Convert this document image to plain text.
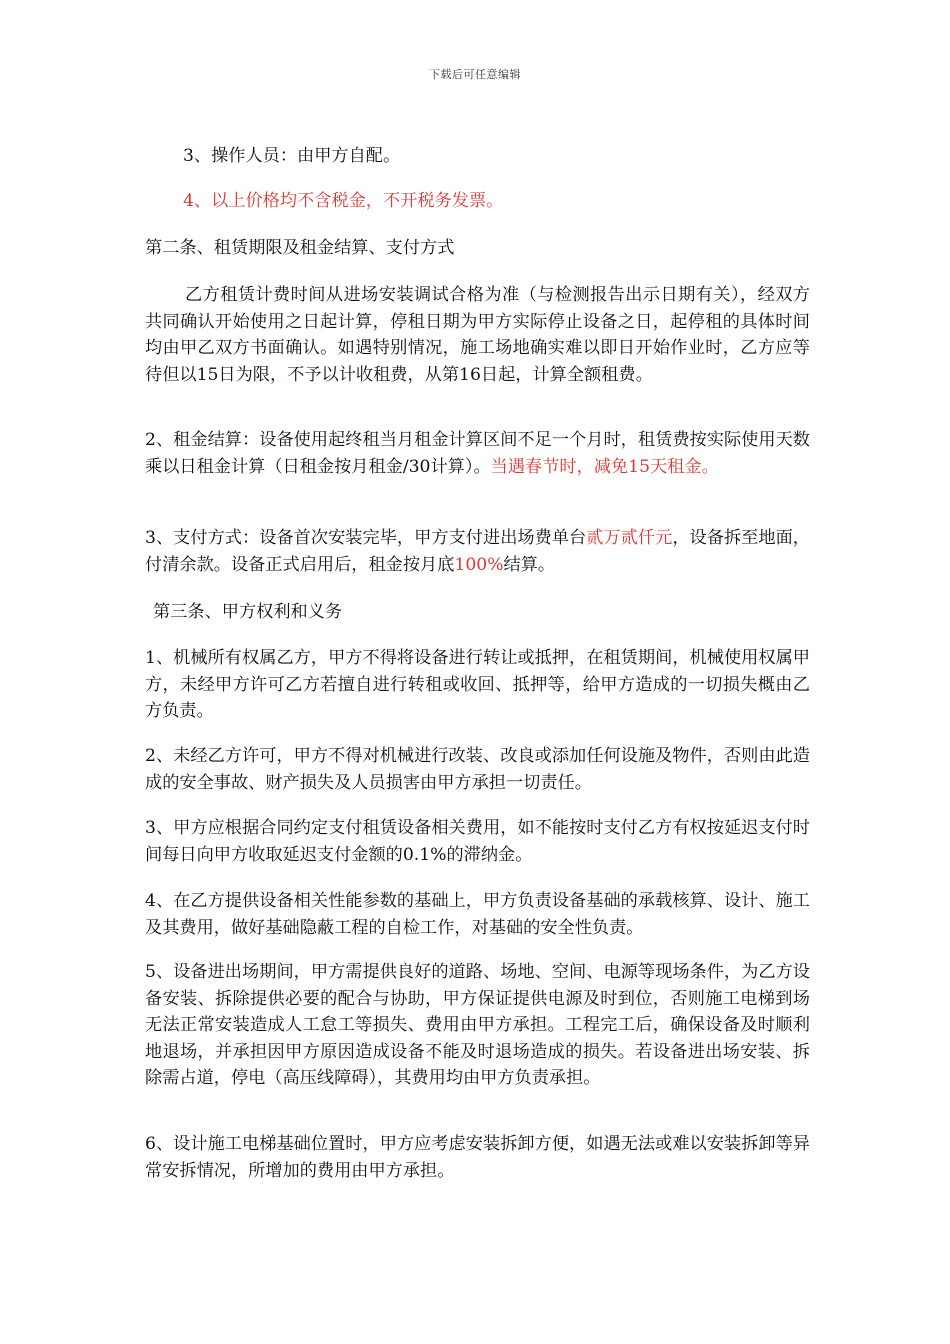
下载后可任意编辑

3、操作人员：由甲方自配。

4、以上价格均不含税金，不开税务发票。

第二条、租赁期限及租金结算、支付方式

乙方租赁计费时间从进场安装调试合格为准（与检测报告出示日期有关），经双方共同确认开始使用之日起计算，停租日期为甲方实际停止设备之日，起停租的具体时间均由甲乙双方书面确认。如遇特别情况，施工场地确实难以即日开始作业时，乙方应等待但以15日为限，不予以计收租费，从第16日起，计算全额租费。

2、租金结算：设备使用起终租当月租金计算区间不足一个月时，租赁费按实际使用天数乘以日租金计算（日租金按月租金/30计算）。当遇春节时，减免15天租金。

3、支付方式：设备首次安装完毕，甲方支付进出场费单台贰万贰仟元，设备拆至地面，付清余款。设备正式启用后，租金按月底100%结算。

第三条、甲方权利和义务

1、机械所有权属乙方，甲方不得将设备进行转让或抵押，在租赁期间，机械使用权属甲方，未经甲方许可乙方若擅自进行转租或收回、抵押等，给甲方造成的一切损失概由乙方负责。

2、未经乙方许可，甲方不得对机械进行改装、改良或添加任何设施及物件，否则由此造成的安全事故、财产损失及人员损害由甲方承担一切责任。

3、甲方应根据合同约定支付租赁设备相关费用，如不能按时支付乙方有权按延迟支付时间每日向甲方收取延迟支付金额的0.1%的滞纳金。

4、在乙方提供设备相关性能参数的基础上，甲方负责设备基础的承载核算、设计、施工及其费用，做好基础隐蔽工程的自检工作，对基础的安全性负责。

5、设备进出场期间，甲方需提供良好的道路、场地、空间、电源等现场条件，为乙方设备安装、拆除提供必要的配合与协助，甲方保证提供电源及时到位，否则施工电梯到场无法正常安装造成人工怠工等损失、费用由甲方承担。工程完工后，确保设备及时顺利地退场，并承担因甲方原因造成设备不能及时退场造成的损失。若设备进出场安装、拆除需占道，停电（高压线障碍），其费用均由甲方负责承担。

6、设计施工电梯基础位置时，甲方应考虑安装拆卸方便，如遇无法或难以安装拆卸等异常安拆情况，所增加的费用由甲方承担。
